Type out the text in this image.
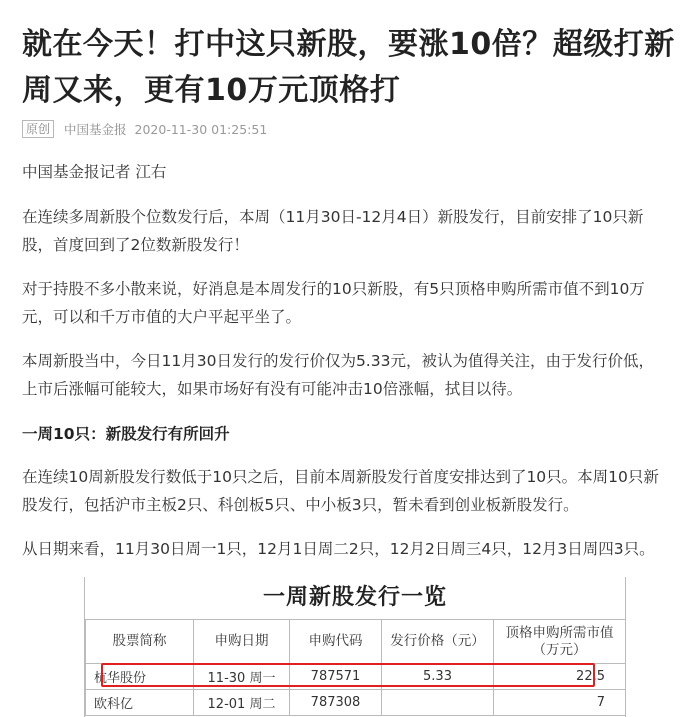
就在今天！打中这只新股，要涨10倍？超级打新周又来，更有10万元顶格打
原创	中国基金报 2020-11-30 01:25:51

中国基金报记者 江右

在连续多周新股个位数发行后，本周（11月30日-12月4日）新股发行，目前安排了10只新股，首度回到了2位数新股发行！

对于持股不多小散来说，好消息是本周发行的10只新股，有5只顶格申购所需市值不到10万元，可以和千万市值的大户平起平坐了。

本周新股当中，今日11月30日发行的发行价仅为5.33元，被认为值得关注，由于发行价低，上市后涨幅可能较大，如果市场好有没有可能冲击10倍涨幅，拭目以待。

一周10只：新股发行有所回升

在连续10周新股发行数低于10只之后，目前本周新股发行首度安排达到了10只。本周10只新股发行，包括沪市主板2只、科创板5只、中小板3只，暂未看到创业板新股发行。

从日期来看，11月30日周一1只，12月1日周二2只，12月2日周三4只，12月3日周四3只。

一周新股发行一览
股票简称	申购日期	申购代码	发行价格（元）	顶格申购所需市值（万元）
杭华股份	11-30 周一	787571	5.33	22.5
欧科亿	12-01 周二	787308		7
